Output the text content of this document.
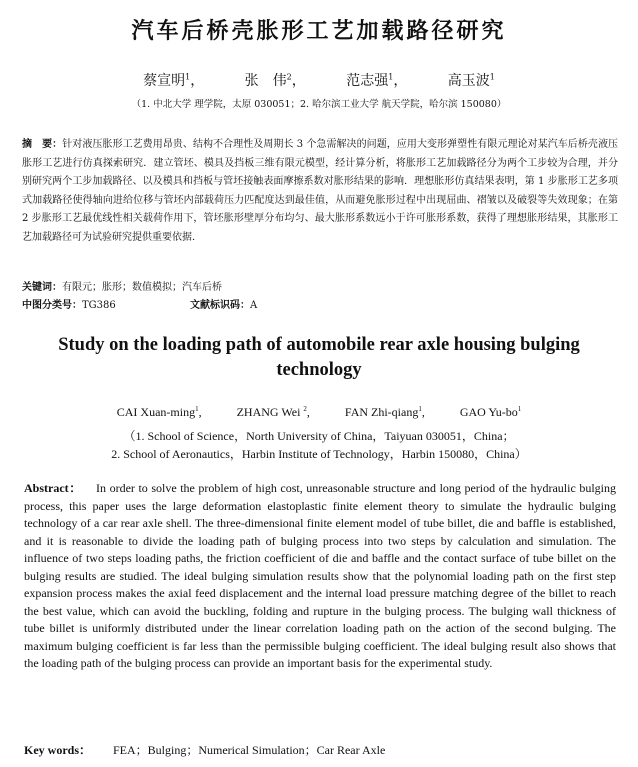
汽车后桥壳胀形工艺加载路径研究
蔡宣明$^1$，	张　伟$^2$，	范志强$^1$，	高玉波$^1$
（1. 中北大学 理学院，太原 030051；2. 哈尔滨工业大学 航天学院，哈尔滨 150080）
摘　要：针对液压胀形工艺费用昂贵、结构不合理性及周期长 3 个急需解决的问题，应用大变形弹塑性有限元理论对某汽车后桥壳液压胀形工艺进行仿真探索研究．建立管坯、模具及挡板三维有限元模型，经计算分析，将胀形工艺加载路径分为两个工步较为合理，并分别研究两个工步加载路径、以及模具和挡板与管坯接触表面摩擦系数对胀形结果的影响．理想胀形仿真结果表明，第 1 步胀形工艺多项式加载路径使得轴向进给位移与管坯内部载荷压力匹配度达到最佳值，从而避免胀形过程中出现屈曲、褶皱以及破裂等失效现象；在第 2 步胀形工艺最优线性相关载荷作用下，管坯胀形壁厚分布均匀、最大胀形系数远小于许可胀形系数，获得了理想胀形结果，其胀形工艺加载路径可为试验研究提供重要依据．
关键词：有限元；胀形；数值模拟；汽车后桥
中图分类号：TG386	文献标识码：A
Study on the loading path of automobile rear axle housing bulging technology
CAI Xuan-ming$^1$,	ZHANG Wei $^2$,	FAN Zhi-qiang$^1$,	GAO $Yu-bo^1$
（1. School of Science，North University of China，Taiyuan 030051，China；
2. School of Aeronautics，Harbin Institute of Technology，Harbin 150080，China）
Abstract： In order to solve the problem of high cost, unreasonable structure and long period of the hydraulic bulging process, this paper uses the large deformation elastoplastic finite element theory to simulate the hydraulic bulging technology of a car rear axle shell. The three-dimensional finite element model of tube billet, die and baffle is established, and it is reasonable to divide the loading path of bulging process into two steps by calculation and simulation. The influence of two steps loading paths, the friction coefficient of die and baffle and the contact surface of tube billet on the bulging results are studied. The ideal bulging simulation results show that the polynomial loading path on the first step expansion process makes the axial feed displacement and the internal load pressure matching degree of the billet to reach the best value, which can avoid the buckling, folding and rupture in the bulging process. The bulging wall thickness of tube billet is uniformly distributed under the linear correlation loading path on the action of the second bulging. The maximum bulging coefficient is far less than the permissible bulging coefficient. The ideal bulging result also shows that the loading path of the bulging process can provide an important basis for the experimental study.
Key words： FEA；Bulging；Numerical Simulation；Car Rear Axle
